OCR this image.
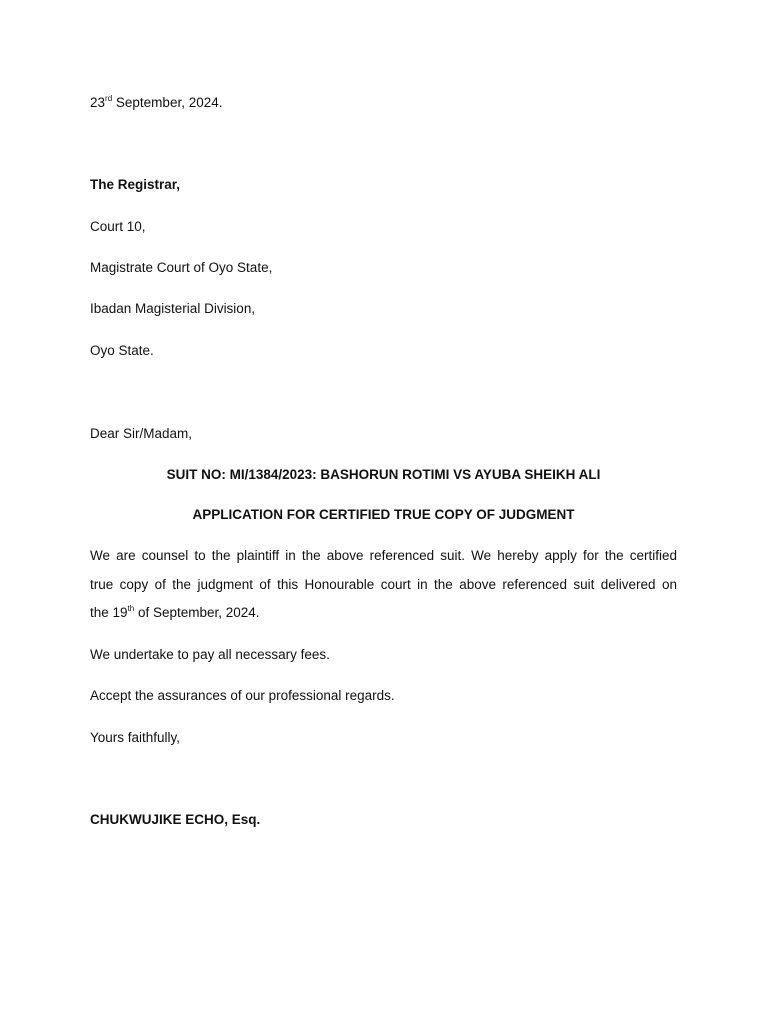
23rd September, 2024.
The Registrar,
Court 10,
Magistrate Court of Oyo State,
Ibadan Magisterial Division,
Oyo State.
Dear Sir/Madam,
SUIT NO: MI/1384/2023: BASHORUN ROTIMI VS AYUBA SHEIKH ALI
APPLICATION FOR CERTIFIED TRUE COPY OF JUDGMENT
We are counsel to the plaintiff in the above referenced suit. We hereby apply for the certified
true copy of the judgment of this Honourable court in the above referenced suit delivered on
the 19th of September, 2024.
We undertake to pay all necessary fees.
Accept the assurances of our professional regards.
Yours faithfully,
CHUKWUJIKE ECHO, Esq.
